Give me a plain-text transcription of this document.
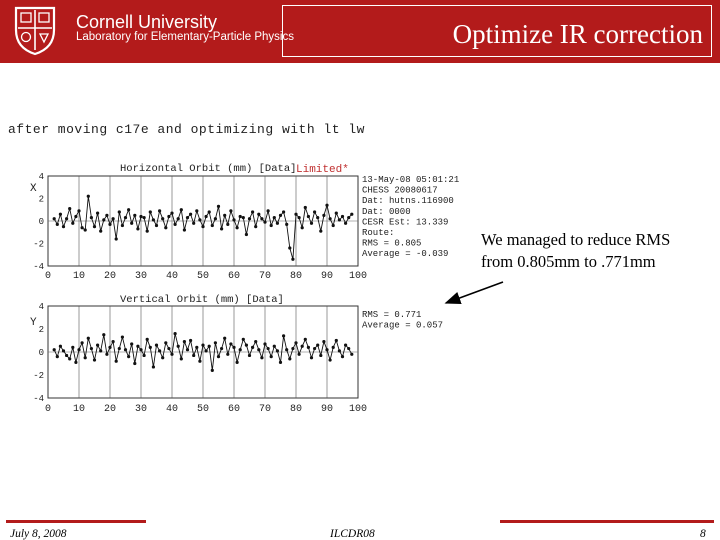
Cornell University
Laboratory for Elementary-Particle Physics	Optimize IR correction
after moving c17e and optimizing with lt lw
0 10 20 30 40 50 60 70 80 90 100
4
2
0
-2
-4
X
Horizontal Orbit (mm) [Data] Limited*
13-May-08 05:01:21
CHESS 20080617
Dat: hutns.116900
Dat: 0000
CESR Est: 13.339
Route:
RMS = 0.805
Average = -0.039
0 10 20 30 40 50 60 70 80 90 100
4
2
0
-2
-4
Y
Vertical Orbit (mm) [Data]
RMS = 0.771
Average = 0.057
We managed to reduce RMS
from 0.805mm to .771mm
July 8, 2008	ILCDR08	8
